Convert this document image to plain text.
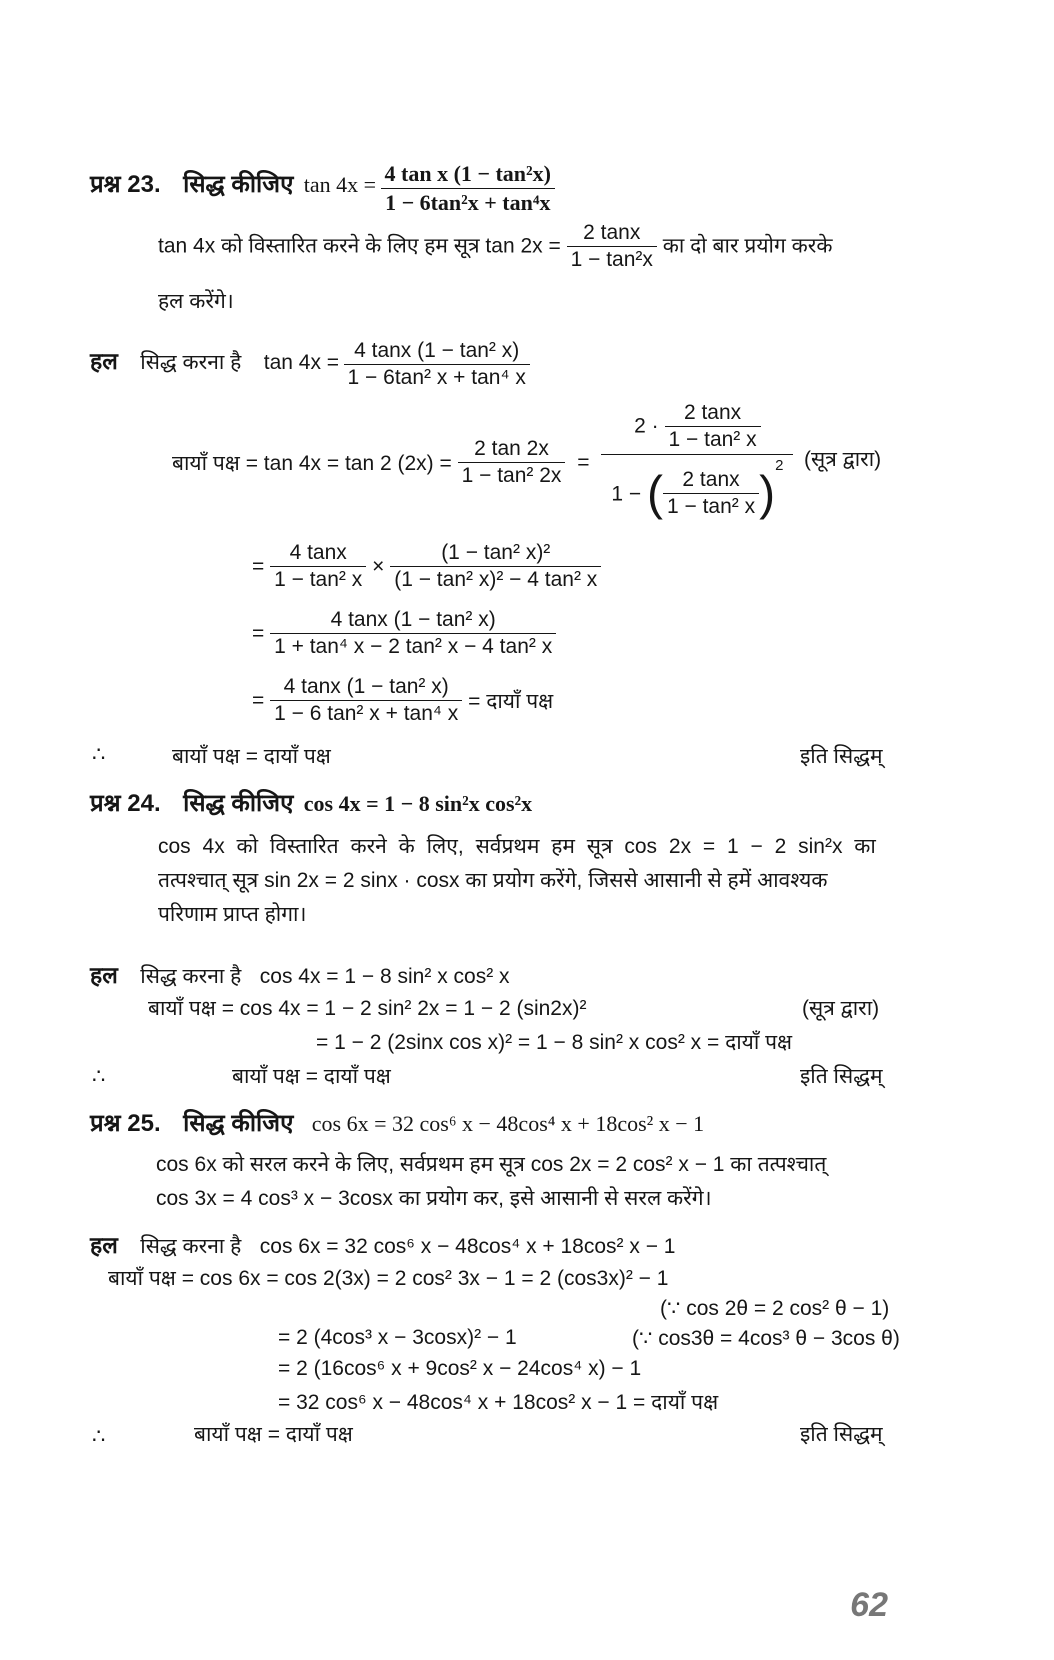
प्रश्न 23. सिद्ध कीजिए $\tan 4x = \frac{\text{4 tan x (1 − tan²x)}}{\text{1 − 6tan²x + tan⁴x}}$
tan 4x को विस्तारित करने के लिए हम सूत्र $\tan 2x = \frac{2 \tan x}{\text{1 − tan²x}}$ का दो बार प्रयोग करके
हल करेंगे।
हल सिद्ध करना है $\tan 4x = \frac{\text{4 tanx (1 − tan² x)}}{\text{1 − 6tan² x + tan⁴ x}}$
बायाँ पक्ष = tan 4x = tan 2 $(2x) = \frac{2 \tan 2x}{\text{1 − tan² 2x}} = \frac{2 \cdot \frac{2 \tan x}{\text{1 − tan² x}}}{1 - ( \frac{2 \tan x}{\text{1 − tan² x}} )^2}$ (सूत्र द्वारा)
= $\frac{4 \tan x}{\text{1 − tan² x}} \times \frac{\text{(1 − tan² x)²}}{\text{(1 − tan² x)² − 4 tan² x}}$
= $\frac{\text{4 tanx (1 − tan² x)}}{\text{1 + tan⁴ x − 2 tan² x − 4 tan² x}}$
= $\frac{\text{4 tanx (1 − tan² x)}}{\text{1 − 6 tan² x + tan⁴ x}}$ = दायाँ पक्ष
∴	बायाँ पक्ष = दायाँ पक्ष	इति सिद्धम्
प्रश्न 24. सिद्ध कीजिए cos 4x = 1 − 8 sin²x cos²x
cos 4x को विस्तारित करने के लिए, सर्वप्रथम हम सूत्र cos 2x = 1 − 2 sin²x का
तत्पश्चात् सूत्र sin 2x = 2 sinx · cosx का प्रयोग करेंगे, जिससे आसानी से हमें आवश्यक
परिणाम प्राप्त होगा।
हल सिद्ध करना है cos 4x = 1 − 8 sin² x cos² x
बायाँ पक्ष = cos 4x = 1 − 2 sin² 2x = 1 − 2 (sin2x)²	(सूत्र द्वारा)
= 1 − 2 (2sinx cos x)² = 1 − 8 sin² x cos² x = दायाँ पक्ष
∴	बायाँ पक्ष = दायाँ पक्ष	इति सिद्धम्
प्रश्न 25. सिद्ध कीजिए cos 6x = 32 cos⁶ x − 48cos⁴ x + 18cos² x − 1
cos 6x को सरल करने के लिए, सर्वप्रथम हम सूत्र cos 2x = 2 cos² x − 1 का तत्पश्चात्
cos 3x = 4 cos³ x − 3cosx का प्रयोग कर, इसे आसानी से सरल करेंगे।
हल सिद्ध करना है cos 6x = 32 cos⁶ x − 48cos⁴ x + 18cos² x − 1
बायाँ पक्ष = cos 6x = cos 2(3x) = 2 cos² 3x − 1 = 2 (cos3x)² − 1
(∵ cos 2θ = 2 cos² θ − 1)
= 2 (4cos³ x − 3cosx)² − 1	(∵ cos3θ = 4cos³ θ − 3cos θ)
= 2 (16cos⁶ x + 9cos² x − 24cos⁴ x) − 1
= 32 cos⁶ x − 48cos⁴ x + 18cos² x − 1 = दायाँ पक्ष
∴	बायाँ पक्ष = दायाँ पक्ष	इति सिद्धम्
62
